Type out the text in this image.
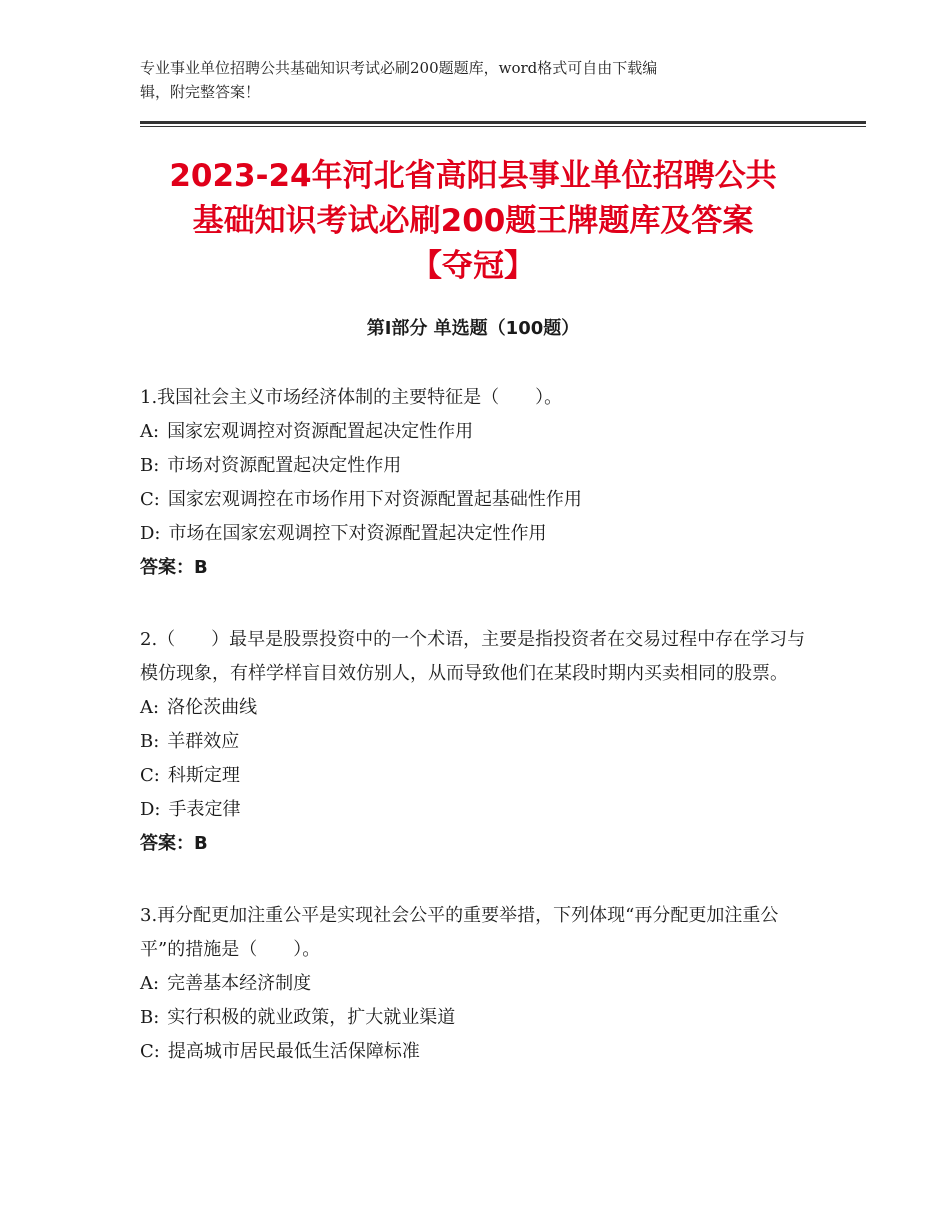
专业事业单位招聘公共基础知识考试必刷200题题库，word格式可自由下载编
辑，附完整答案！
2023-24年河北省高阳县事业单位招聘公共
基础知识考试必刷200题王牌题库及答案
【夺冠】
第Ⅰ部分 单选题（100题）

1.我国社会主义市场经济体制的主要特征是（　　）。

A: 国家宏观调控对资源配置起决定性作用

B: 市场对资源配置起决定性作用

C: 国家宏观调控在市场作用下对资源配置起基础性作用

D: 市场在国家宏观调控下对资源配置起决定性作用

答案：B

2.（　　）最早是股票投资中的一个术语，主要是指投资者在交易过程中存在学习与模仿现象，有样学样盲目效仿别人，从而导致他们在某段时期内买卖相同的股票。

A: 洛伦茨曲线

B: 羊群效应

C: 科斯定理

D: 手表定律

答案：B

3.再分配更加注重公平是实现社会公平的重要举措，下列体现“再分配更加注重公平”的措施是（　　）。

A: 完善基本经济制度

B: 实行积极的就业政策，扩大就业渠道

C: 提高城市居民最低生活保障标准
